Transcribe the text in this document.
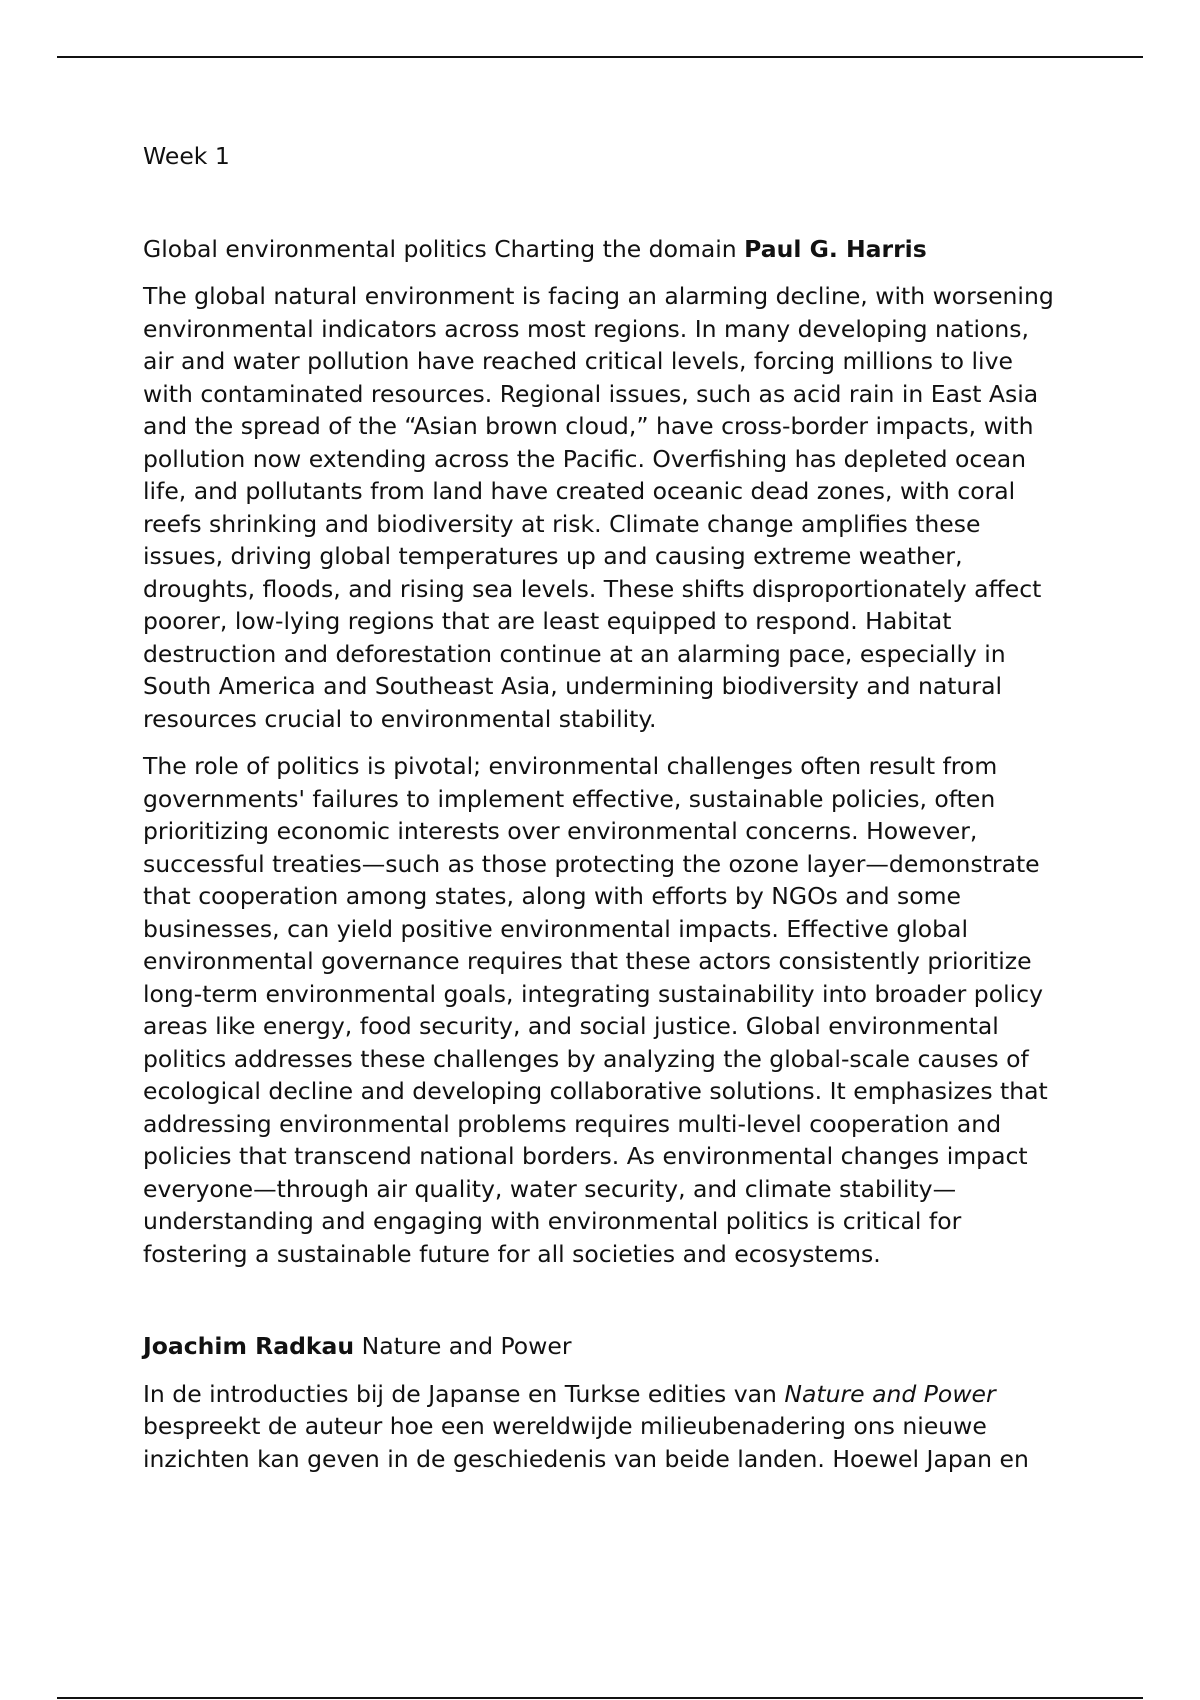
Week 1

Global environmental politics Charting the domain Paul G. Harris

The global natural environment is facing an alarming decline, with worsening environmental indicators across most regions. In many developing nations, air and water pollution have reached critical levels, forcing millions to live with contaminated resources. Regional issues, such as acid rain in East Asia and the spread of the “Asian brown cloud,” have cross-border impacts, with pollution now extending across the Pacific. Overfishing has depleted ocean life, and pollutants from land have created oceanic dead zones, with coral reefs shrinking and biodiversity at risk. Climate change amplifies these issues, driving global temperatures up and causing extreme weather, droughts, floods, and rising sea levels. These shifts disproportionately affect poorer, low-lying regions that are least equipped to respond. Habitat destruction and deforestation continue at an alarming pace, especially in South America and Southeast Asia, undermining biodiversity and natural resources crucial to environmental stability.

The role of politics is pivotal; environmental challenges often result from governments' failures to implement effective, sustainable policies, often prioritizing economic interests over environmental concerns. However, successful treaties—such as those protecting the ozone layer—demonstrate that cooperation among states, along with efforts by NGOs and some businesses, can yield positive environmental impacts. Effective global environmental governance requires that these actors consistently prioritize long-term environmental goals, integrating sustainability into broader policy areas like energy, food security, and social justice. Global environmental politics addresses these challenges by analyzing the global-scale causes of ecological decline and developing collaborative solutions. It emphasizes that addressing environmental problems requires multi-level cooperation and policies that transcend national borders. As environmental changes impact everyone—through air quality, water security, and climate stability—understanding and engaging with environmental politics is critical for fostering a sustainable future for all societies and ecosystems.

Joachim Radkau Nature and Power

In de introducties bij de Japanse en Turkse edities van Nature and Power bespreekt de auteur hoe een wereldwijde milieubenadering ons nieuwe inzichten kan geven in de geschiedenis van beide landen. Hoewel Japan en
